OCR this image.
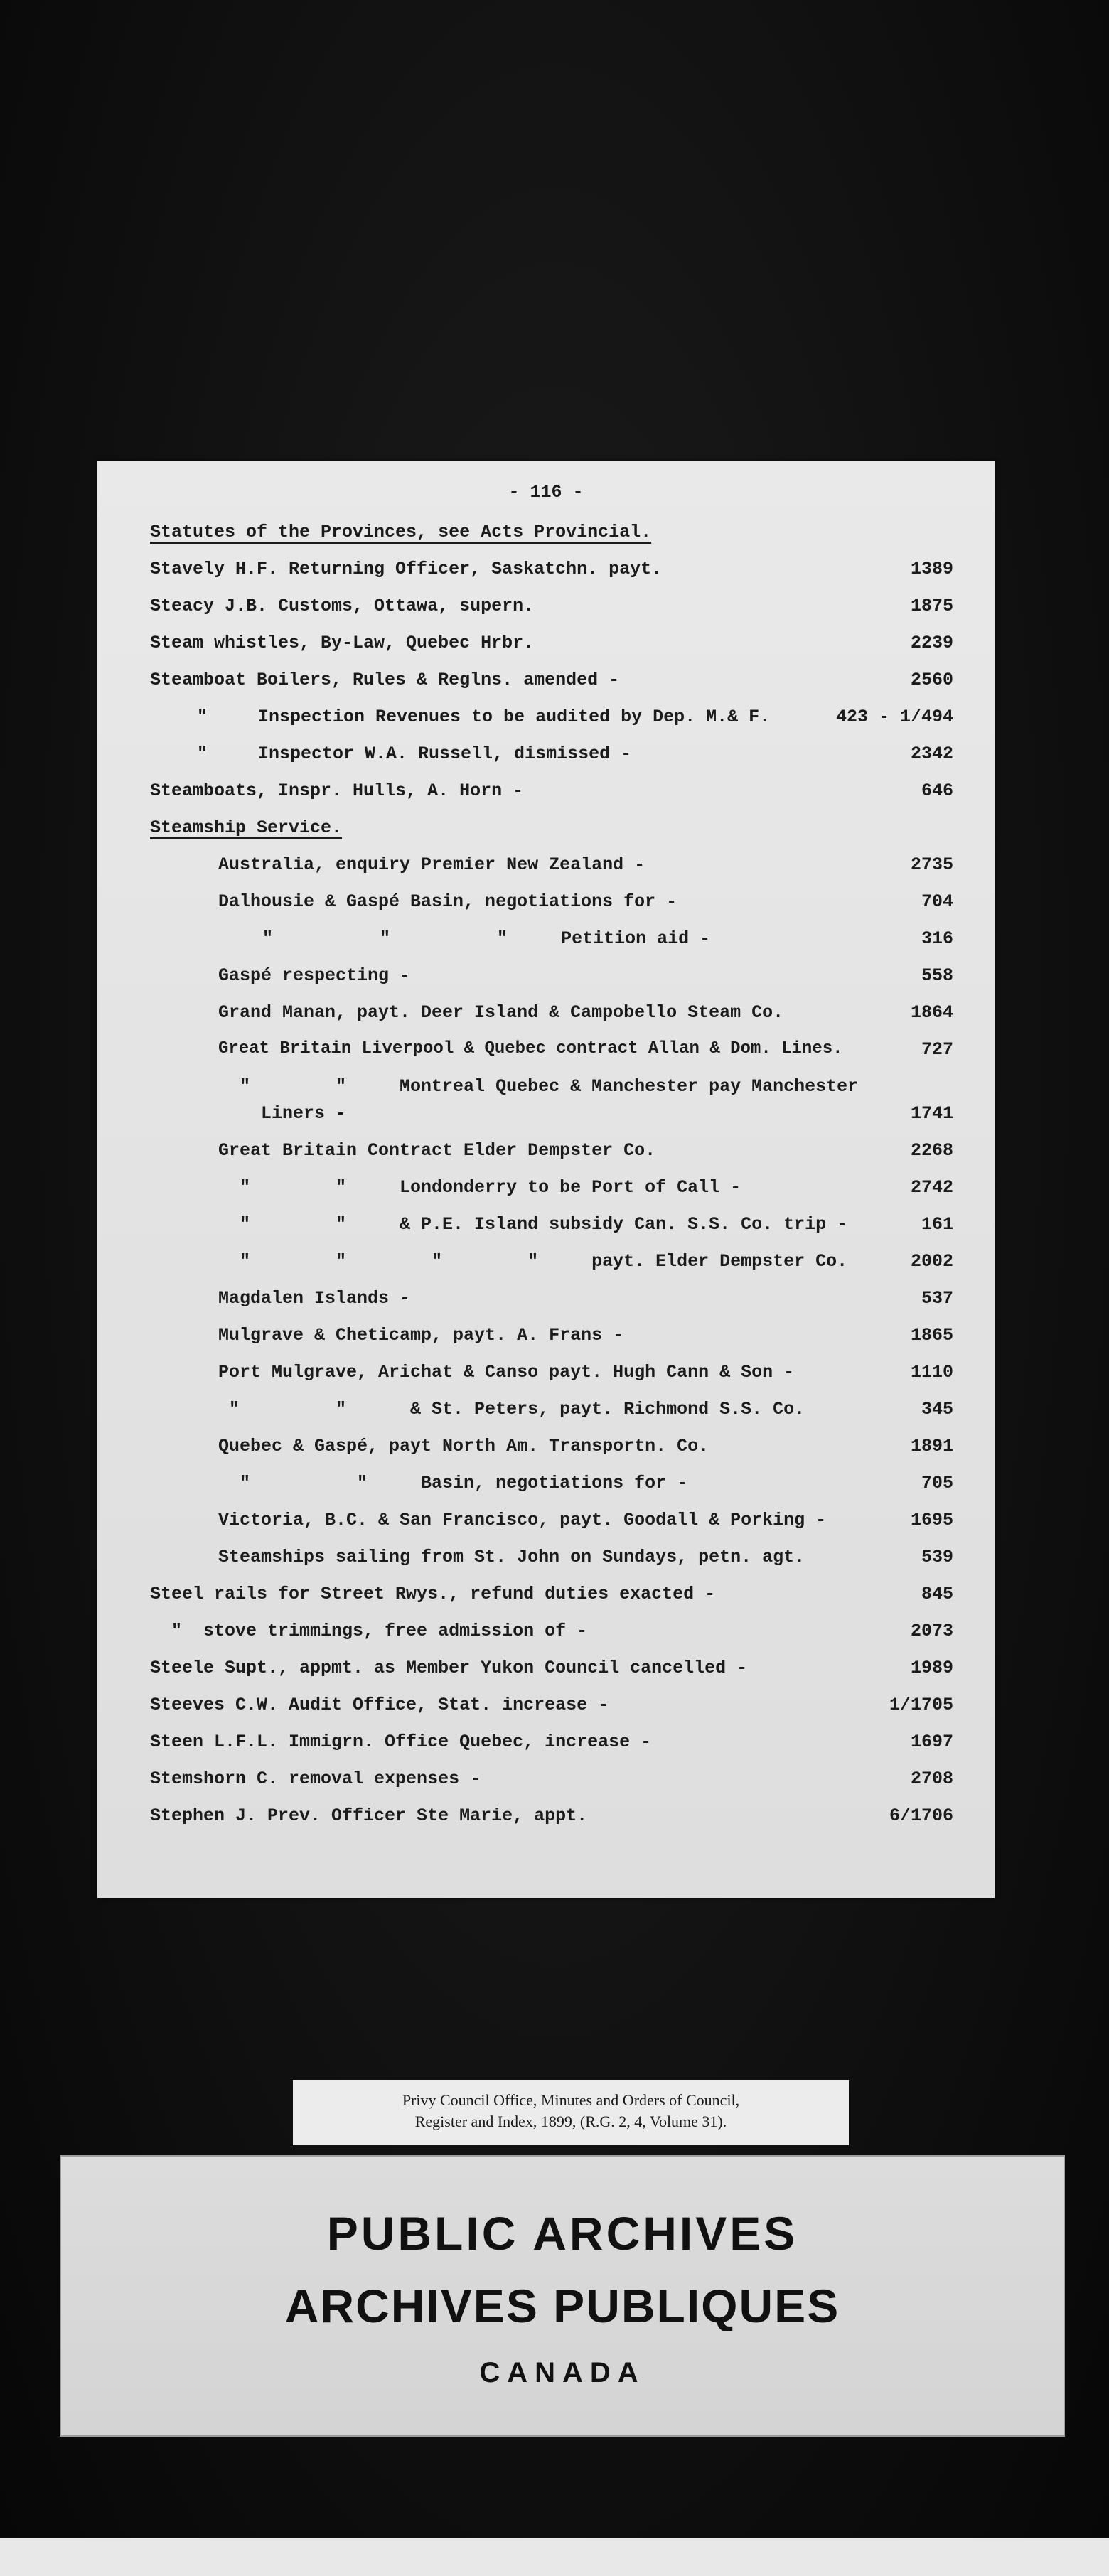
- 116 -
Statutes of the Provinces, see Acts Provincial.
Stavely H.F. Returning Officer, Saskatchn. payt.	1389
Steacy J.B. Customs, Ottawa, supern.	1875
Steam whistles, By-Law, Quebec Hrbr.	2239
Steamboat Boilers, Rules & Reglns. amended -	2560
"	Inspection Revenues to be audited by Dep. M.& F.	423 - 1/494
"	Inspector W.A. Russell, dismissed -	2342
Steamboats, Inspr. Hulls, A. Horn -	646
Steamship Service.
Australia, enquiry Premier New Zealand -	2735
Dalhousie & Gaspé Basin, negotiations for -	704
"          "          "     Petition aid -	316
Gaspé respecting -	558
Grand Manan, payt. Deer Island & Campobello Steam Co.	1864
Great Britain Liverpool & Quebec contract Allan & Dom. Lines.	727
"        "     Montreal Quebec & Manchester pay Manchester
Liners -	1741
Great Britain Contract Elder Dempster Co.	2268
"        "     Londonderry to be Port of Call -	2742
"        "     & P.E. Island subsidy Can. S.S. Co. trip -	161
"        "        "        "     payt. Elder Dempster Co.	2002
Magdalen Islands -	537
Mulgrave & Cheticamp, payt. A. Frans -	1865
Port Mulgrave, Arichat & Canso payt. Hugh Cann & Son -	1110
"         "      & St. Peters, payt. Richmond S.S. Co.	345
Quebec & Gaspé, payt North Am. Transportn. Co.	1891
"          "     Basin, negotiations for -	705
Victoria, B.C. & San Francisco, payt. Goodall & Porking -	1695
Steamships sailing from St. John on Sundays, petn. agt.	539
Steel rails for Street Rwys., refund duties exacted -	845
"  stove trimmings, free admission of -	2073
Steele Supt., appmt. as Member Yukon Council cancelled -	1989
Steeves C.W. Audit Office, Stat. increase -	1/1705
Steen L.F.L. Immigrn. Office Quebec, increase -	1697
Stemshorn C. removal expenses -	2708
Stephen J. Prev. Officer Ste Marie, appt.	6/1706
Privy Council Office, Minutes and Orders of Council,
Register and Index, 1899, (R.G. 2, 4, Volume 31).
PUBLIC ARCHIVES
ARCHIVES PUBLIQUES
CANADA
